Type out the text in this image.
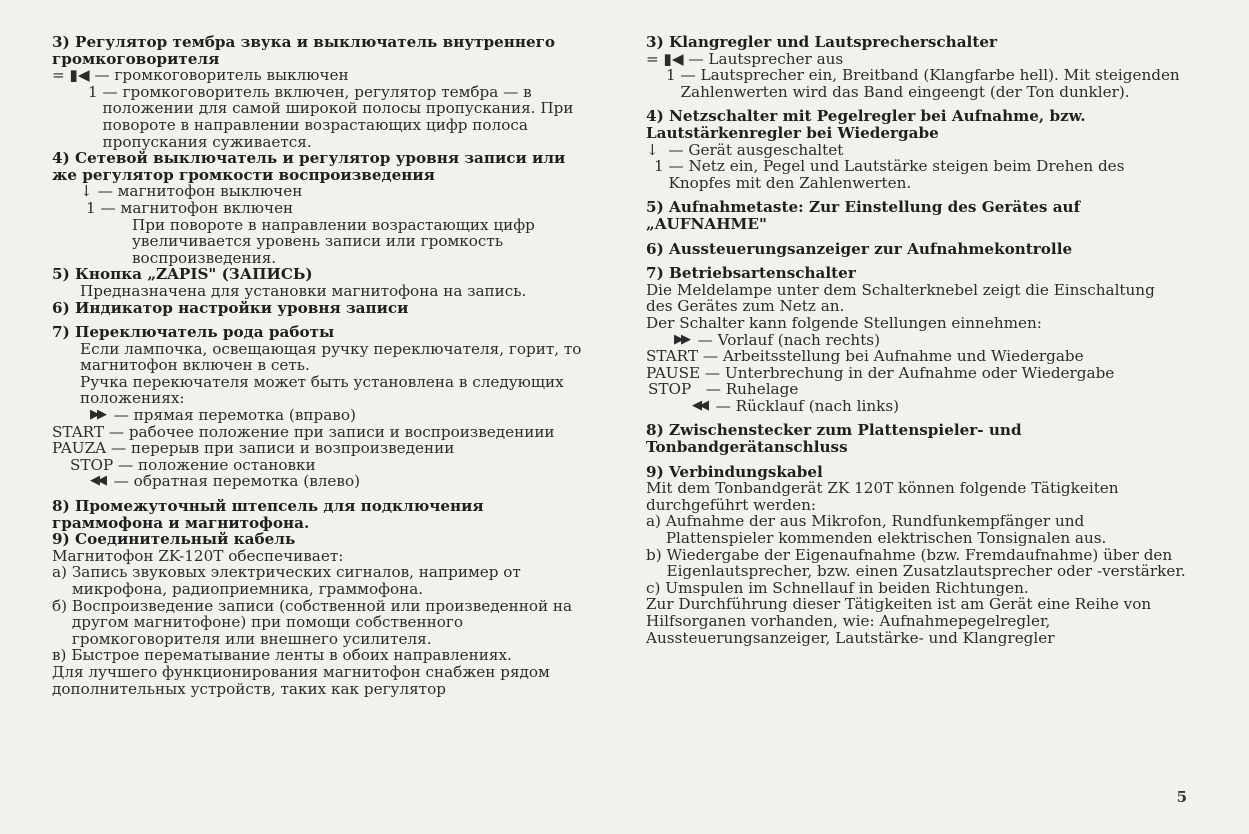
3) Регулятор тембра звука и выключатель внутреннего громкоговорителя

= ▮◀
— громкоговоритель выключен
1
— громкоговоритель включен, регулятор тембра — в положении для самой широкой полосы пропускания. При повороте в направлении возрастающих цифр полоса пропускания суживается.

4) Сетевой выключатель и регулятор уровня записи или же регулятор громкости воспроизведения

↓
— магнитофон выключен
1
— магнитофон включен

При повороте в направлении возрастающих цифр увеличивается уровень записи или громкость воспроизведения.

5) Кнопка „ZAPIS" (ЗАПИСЬ)

Предназначена для установки магнитофона на запись.

6) Индикатор настройки уровня записи

7) Переключатель рода работы

Если лампочка, освещающая ручку переключателя, горит, то магнитофон включен в сеть.

Ручка перекючателя может быть установлена в следующих положениях:

▶▶
— прямая перемотка (вправо)
START
— рабочее положение при записи и воспроизведениии
PAUZA
— перерыв при записи и возпроизведении
STOP
— положение остановки
◀◀
— обратная перемотка (влево)

8) Промежуточный штепсель для подключения граммофона и магнитофона.

9) Соединительный кабель

Магнитофон ZK-120T обеспечивает:

а)
Запись звуковых электрических сигналов, например от микрофона, радиоприемника, граммофона.
б)
Воспроизведение записи (собственной или произведенной на другом магнитофоне) при помощи собственного громкоговорителя или внешнего усилителя.
в)
Быстрое перематывание ленты в обоих направлениях.

Для лучшего функционирования магнитофон снабжен рядом дополнительных устройств, таких как регулятор

3) Klangregler und Lautsprecherschalter

= ▮◀
— Lautsprecher aus
1
— Lautsprecher ein, Breitband (Klangfarbe hell). Mit steigenden Zahlenwerten wird das Band eingeengt (der Ton dunkler).

4) Netzschalter mit Pegelregler bei Aufnahme, bzw. Lautstärkenregler bei Wiedergabe

↓
— Gerät ausgeschaltet
1
— Netz ein, Pegel und Lautstärke steigen beim Drehen des Knopfes mit den Zahlenwerten.

5) Aufnahmetaste: Zur Einstellung des Gerätes auf „AUFNAHME"

6) Aussteuerungsanzeiger zur Aufnahmekontrolle

7) Betriebsartenschalter

Die Meldelampe unter dem Schalterknebel zeigt die Einschaltung des Gerätes zum Netz an.

Der Schalter kann folgende Stellungen einnehmen:

▶▶
— Vorlauf (nach rechts)
START
— Arbeitsstellung bei Aufnahme und Wiedergabe
PAUSE
— Unterbrechung in der Aufnahme oder Wiedergabe
STOP
— Ruhelage
◀◀
— Rücklauf (nach links)

8) Zwischenstecker zum Plattenspieler- und Tonbandgerätanschluss

9) Verbindungskabel

Mit dem Tonbandgerät ZK 120T können folgende Tätigkeiten durchgeführt werden:

a)
Aufnahme der aus Mikrofon, Rundfunkempfänger und Plattenspieler kommenden elektrischen Tonsignalen aus.
b)
Wiedergabe der Eigenaufnahme (bzw. Fremdaufnahme) über den Eigenlautsprecher, bzw. einen Zusatzlautsprecher oder -verstärker.
c)
Umspulen im Schnellauf in beiden Richtungen.

Zur Durchführung dieser Tätigkeiten ist am Gerät eine Reihe von Hilfsorganen vorhanden, wie: Aufnahmepegelregler, Aussteuerungsanzeiger, Lautstärke- und Klangregler

5
